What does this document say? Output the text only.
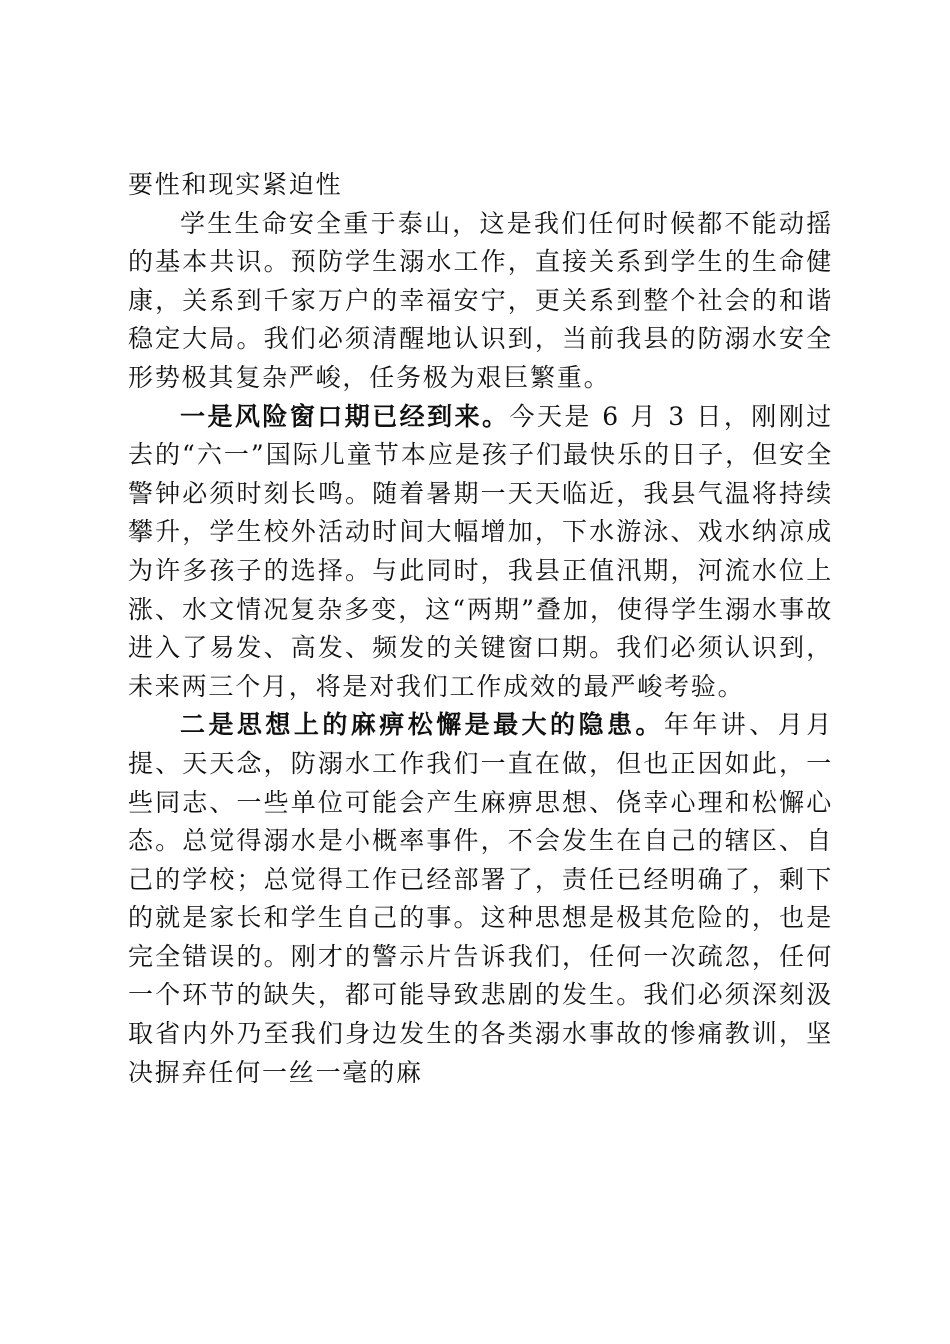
要性和现实紧迫性

学生生命安全重于泰山，这是我们任何时候都不能动摇的基本共识。预防学生溺水工作，直接关系到学生的生命健康，关系到千家万户的幸福安宁，更关系到整个社会的和谐稳定大局。我们必须清醒地认识到，当前我县的防溺水安全形势极其复杂严峻，任务极为艰巨繁重。

一是风险窗口期已经到来。今天是 6 月 3 日，刚刚过去的“六一”国际儿童节本应是孩子们最快乐的日子，但安全警钟必须时刻长鸣。随着暑期一天天临近，我县气温将持续攀升，学生校外活动时间大幅增加，下水游泳、戏水纳凉成为许多孩子的选择。与此同时，我县正值汛期，河流水位上涨、水文情况复杂多变，这“两期”叠加，使得学生溺水事故进入了易发、高发、频发的关键窗口期。我们必须认识到，未来两三个月，将是对我们工作成效的最严峻考验。

二是思想上的麻痹松懈是最大的隐患。年年讲、月月提、天天念，防溺水工作我们一直在做，但也正因如此，一些同志、一些单位可能会产生麻痹思想、侥幸心理和松懈心态。总觉得溺水是小概率事件，不会发生在自己的辖区、自己的学校；总觉得工作已经部署了，责任已经明确了，剩下的就是家长和学生自己的事。这种思想是极其危险的，也是完全错误的。刚才的警示片告诉我们，任何一次疏忽，任何一个环节的缺失，都可能导致悲剧的发生。我们必须深刻汲取省内外乃至我们身边发生的各类溺水事故的惨痛教训，坚决摒弃任何一丝一毫的麻
